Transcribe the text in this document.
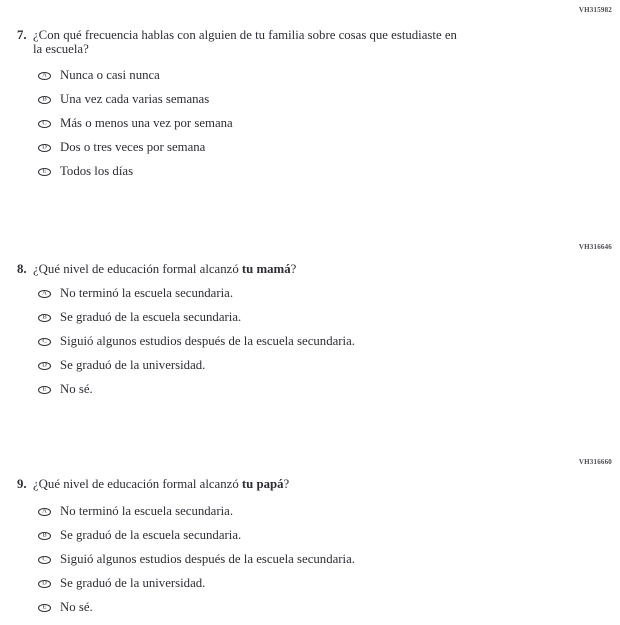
VH315982
7. ¿Con qué frecuencia hablas con alguien de tu familia sobre cosas que estudiaste en
la escuela?
A Nunca o casi nunca
B Una vez cada varias semanas
C Más o menos una vez por semana
D Dos o tres veces por semana
E Todos los días
VH316646
8. ¿Qué nivel de educación formal alcanzó tu mamá?
A No terminó la escuela secundaria.
B Se graduó de la escuela secundaria.
C Siguió algunos estudios después de la escuela secundaria.
D Se graduó de la universidad.
E No sé.
VH316660
9. ¿Qué nivel de educación formal alcanzó tu papá?
A No terminó la escuela secundaria.
B Se graduó de la escuela secundaria.
C Siguió algunos estudios después de la escuela secundaria.
D Se graduó de la universidad.
E No sé.
